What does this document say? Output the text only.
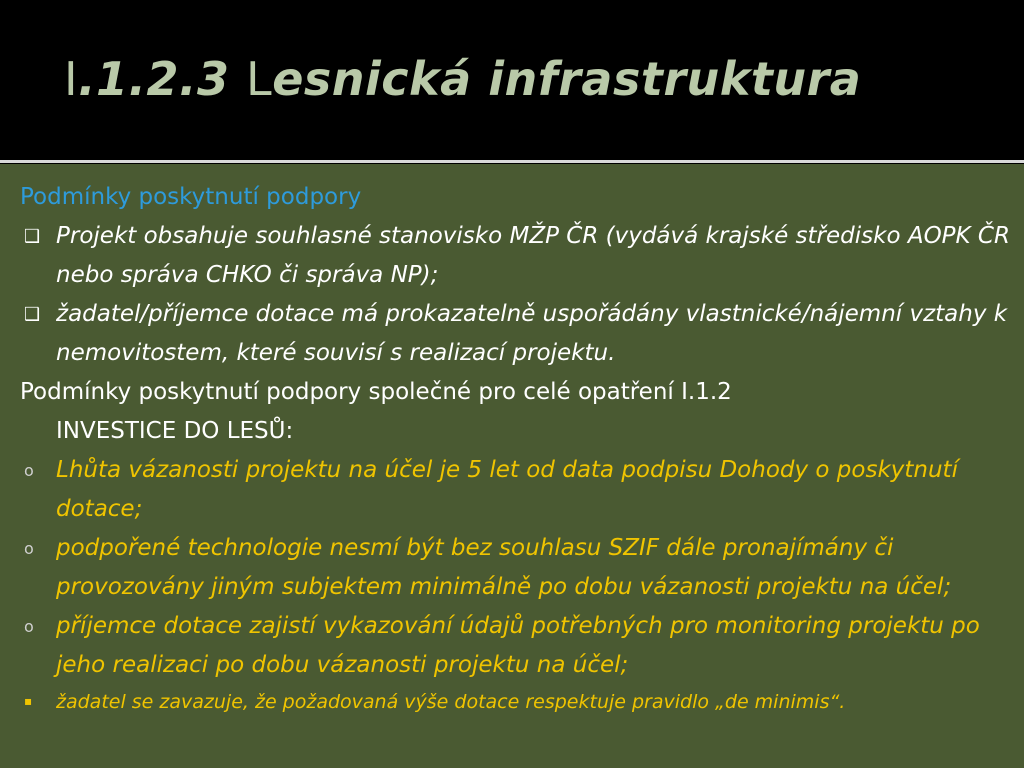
I.1.2.3 Lesnická infrastruktura
Podmínky poskytnutí podpory
❑ Projekt obsahuje souhlasné stanovisko MŽP ČR (vydává krajské středisko AOPK ČR nebo správa CHKO či správa NP);
❑ žadatel/příjemce dotace má prokazatelně uspořádány vlastnické/nájemní vztahy k nemovitostem, které souvisí s realizací projektu.
Podmínky poskytnutí podpory společné pro celé opatření I.1.2
INVESTICE DO LESŮ:
o Lhůta vázanosti projektu na účel je 5 let od data podpisu Dohody o poskytnutí dotace;
o podpořené technologie nesmí být bez souhlasu SZIF dále pronajímány či provozovány jiným subjektem minimálně po dobu vázanosti projektu na účel;
o příjemce dotace zajistí vykazování údajů potřebných pro monitoring projektu po jeho realizaci po dobu vázanosti projektu na účel;
▪	žadatel se zavazuje, že požadovaná výše dotace respektuje pravidlo „de minimis“.
